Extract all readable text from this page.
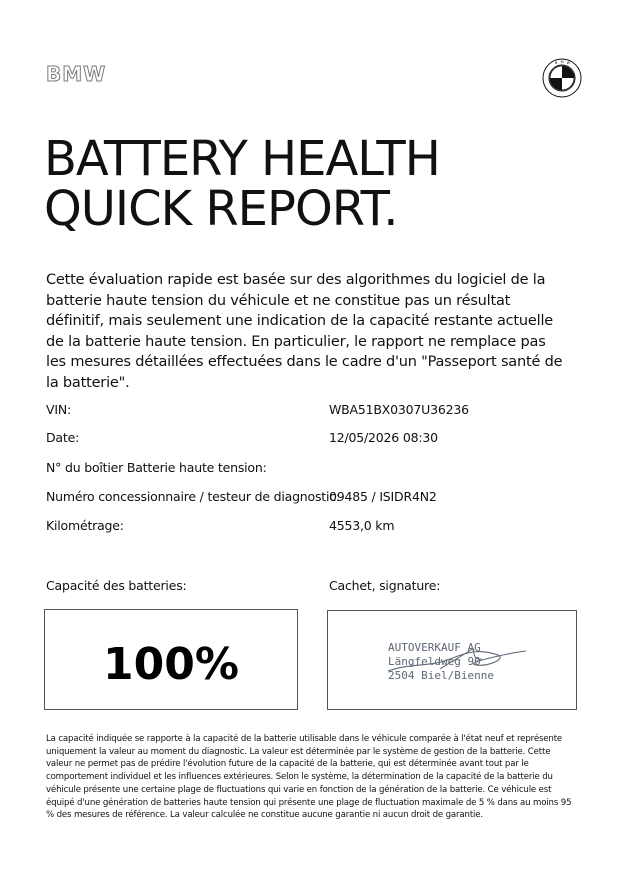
BMW	B M W
BATTERY HEALTH
QUICK REPORT.

Cette évaluation rapide est basée sur des algorithmes du logiciel de la batterie haute tension du véhicule et ne constitue pas un résultat définitif, mais seulement une indication de la capacité restante actuelle de la batterie haute tension. En particulier, le rapport ne remplace pas les mesures détaillées effectuées dans le cadre d'un "Passeport santé de la batterie".

VIN:	WBA51BX0307U36236
Date:	12/05/2026 08:30
N° du boîtier Batterie haute tension:
Numéro concessionnaire / testeur de diagnostic:
09485 / ISIDR4N2
Kilométrage:	4553,0 km
Capacité des batteries:	Cachet, signature:
100%	AUTOVERKAUF AG
Längfeldweg 90
2504 Biel/Bienne

La capacité indiquée se rapporte à la capacité de la batterie utilisable dans le véhicule comparée à l'état neuf et représente uniquement la valeur au moment du diagnostic. La valeur est déterminée par le système de gestion de la batterie. Cette valeur ne permet pas de prédire l'évolution future de la capacité de la batterie, qui est déterminée avant tout par le comportement individuel et les influences extérieures. Selon le système, la détermination de la capacité de la batterie du véhicule présente une certaine plage de fluctuations qui varie en fonction de la génération de la batterie. Ce véhicule est équipé d'une génération de batteries haute tension qui présente une plage de fluctuation maximale de 5 % dans au moins 95 % des mesures de référence. La valeur calculée ne constitue aucune garantie ni aucun droit de garantie.
